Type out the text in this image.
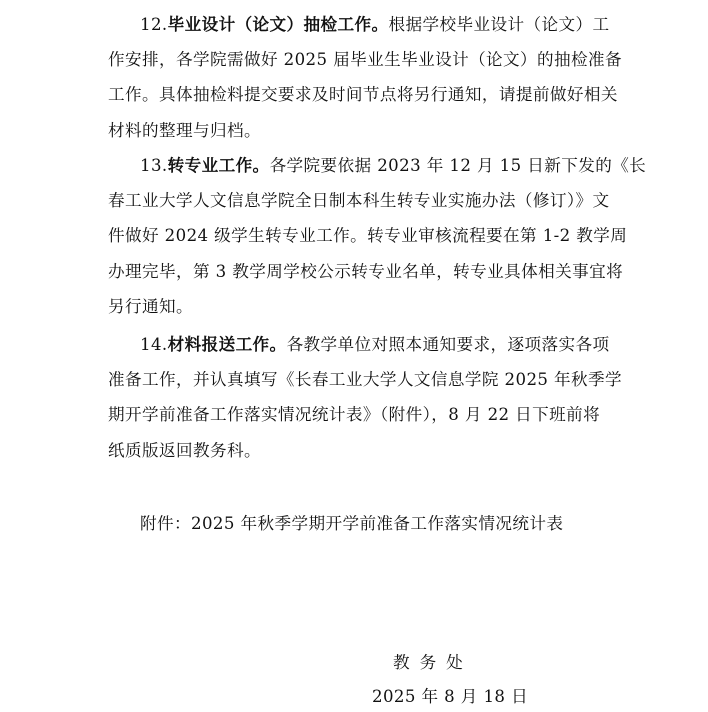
12.毕业设计（论文）抽检工作。根据学校毕业设计（论文）工
作安排，各学院需做好 2025 届毕业生毕业设计（论文）的抽检准备
工作。具体抽检料提交要求及时间节点将另行通知，请提前做好相关
材料的整理与归档。
13.转专业工作。各学院要依据 2023 年 12 月 15 日新下发的《长
春工业大学人文信息学院全日制本科生转专业实施办法（修订）》文
件做好 2024 级学生转专业工作。转专业审核流程要在第 1-2 教学周
办理完毕，第 3 教学周学校公示转专业名单，转专业具体相关事宜将
另行通知。
14.材料报送工作。各教学单位对照本通知要求，逐项落实各项
准备工作，并认真填写《长春工业大学人文信息学院 2025 年秋季学
期开学前准备工作落实情况统计表》（附件），8 月 22 日下班前将
纸质版返回教务科。
附件：2025 年秋季学期开学前准备工作落实情况统计表
教务处
2025 年 8 月 18 日
